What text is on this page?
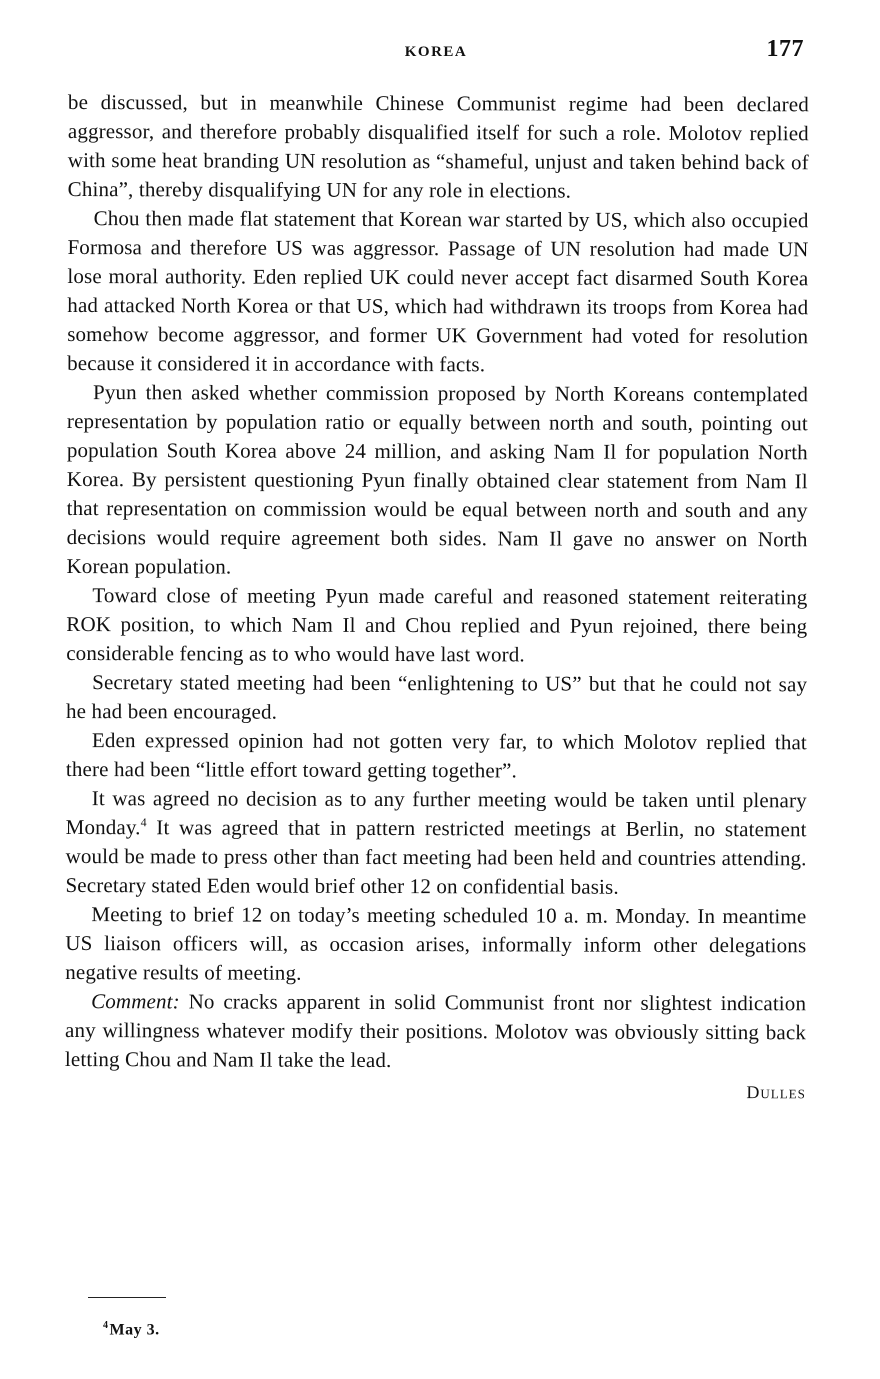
KOREA	177

be discussed, but in meanwhile Chinese Communist regime had been declared aggressor, and therefore probably disqualified itself for such a role. Molotov replied with some heat branding UN resolution as “shameful, unjust and taken behind back of China”, thereby disqualifying UN for any role in elections.

Chou then made flat statement that Korean war started by US, which also occupied Formosa and therefore US was aggressor. Passage of UN resolution had made UN lose moral authority. Eden replied UK could never accept fact disarmed South Korea had attacked North Korea or that US, which had withdrawn its troops from Korea had somehow become aggressor, and former UK Government had voted for resolution because it considered it in accordance with facts.

Pyun then asked whether commission proposed by North Koreans contemplated representation by population ratio or equally between north and south, pointing out population South Korea above 24 million, and asking Nam Il for population North Korea. By persistent questioning Pyun finally obtained clear statement from Nam Il that representation on commission would be equal between north and south and any decisions would require agreement both sides. Nam Il gave no answer on North Korean population.

Toward close of meeting Pyun made careful and reasoned statement reiterating ROK position, to which Nam Il and Chou replied and Pyun rejoined, there being considerable fencing as to who would have last word.

Secretary stated meeting had been “enlightening to US” but that he could not say he had been encouraged.

Eden expressed opinion had not gotten very far, to which Molotov replied that there had been “little effort toward getting together”.

It was agreed no decision as to any further meeting would be taken until plenary Monday.$^4$ It was agreed that in pattern restricted meetings at Berlin, no statement would be made to press other than fact meeting had been held and countries attending. Secretary stated Eden would brief other 12 on confidential basis.

Meeting to brief 12 on today’s meeting scheduled 10 a. m. Monday. In meantime US liaison officers will, as occasion arises, informally inform other delegations negative results of meeting.

Comment: No cracks apparent in solid Communist front nor slightest indication any willingness whatever modify their positions. Molotov was obviously sitting back letting Chou and Nam Il take the lead.

Dulles
$^4$May 3.
